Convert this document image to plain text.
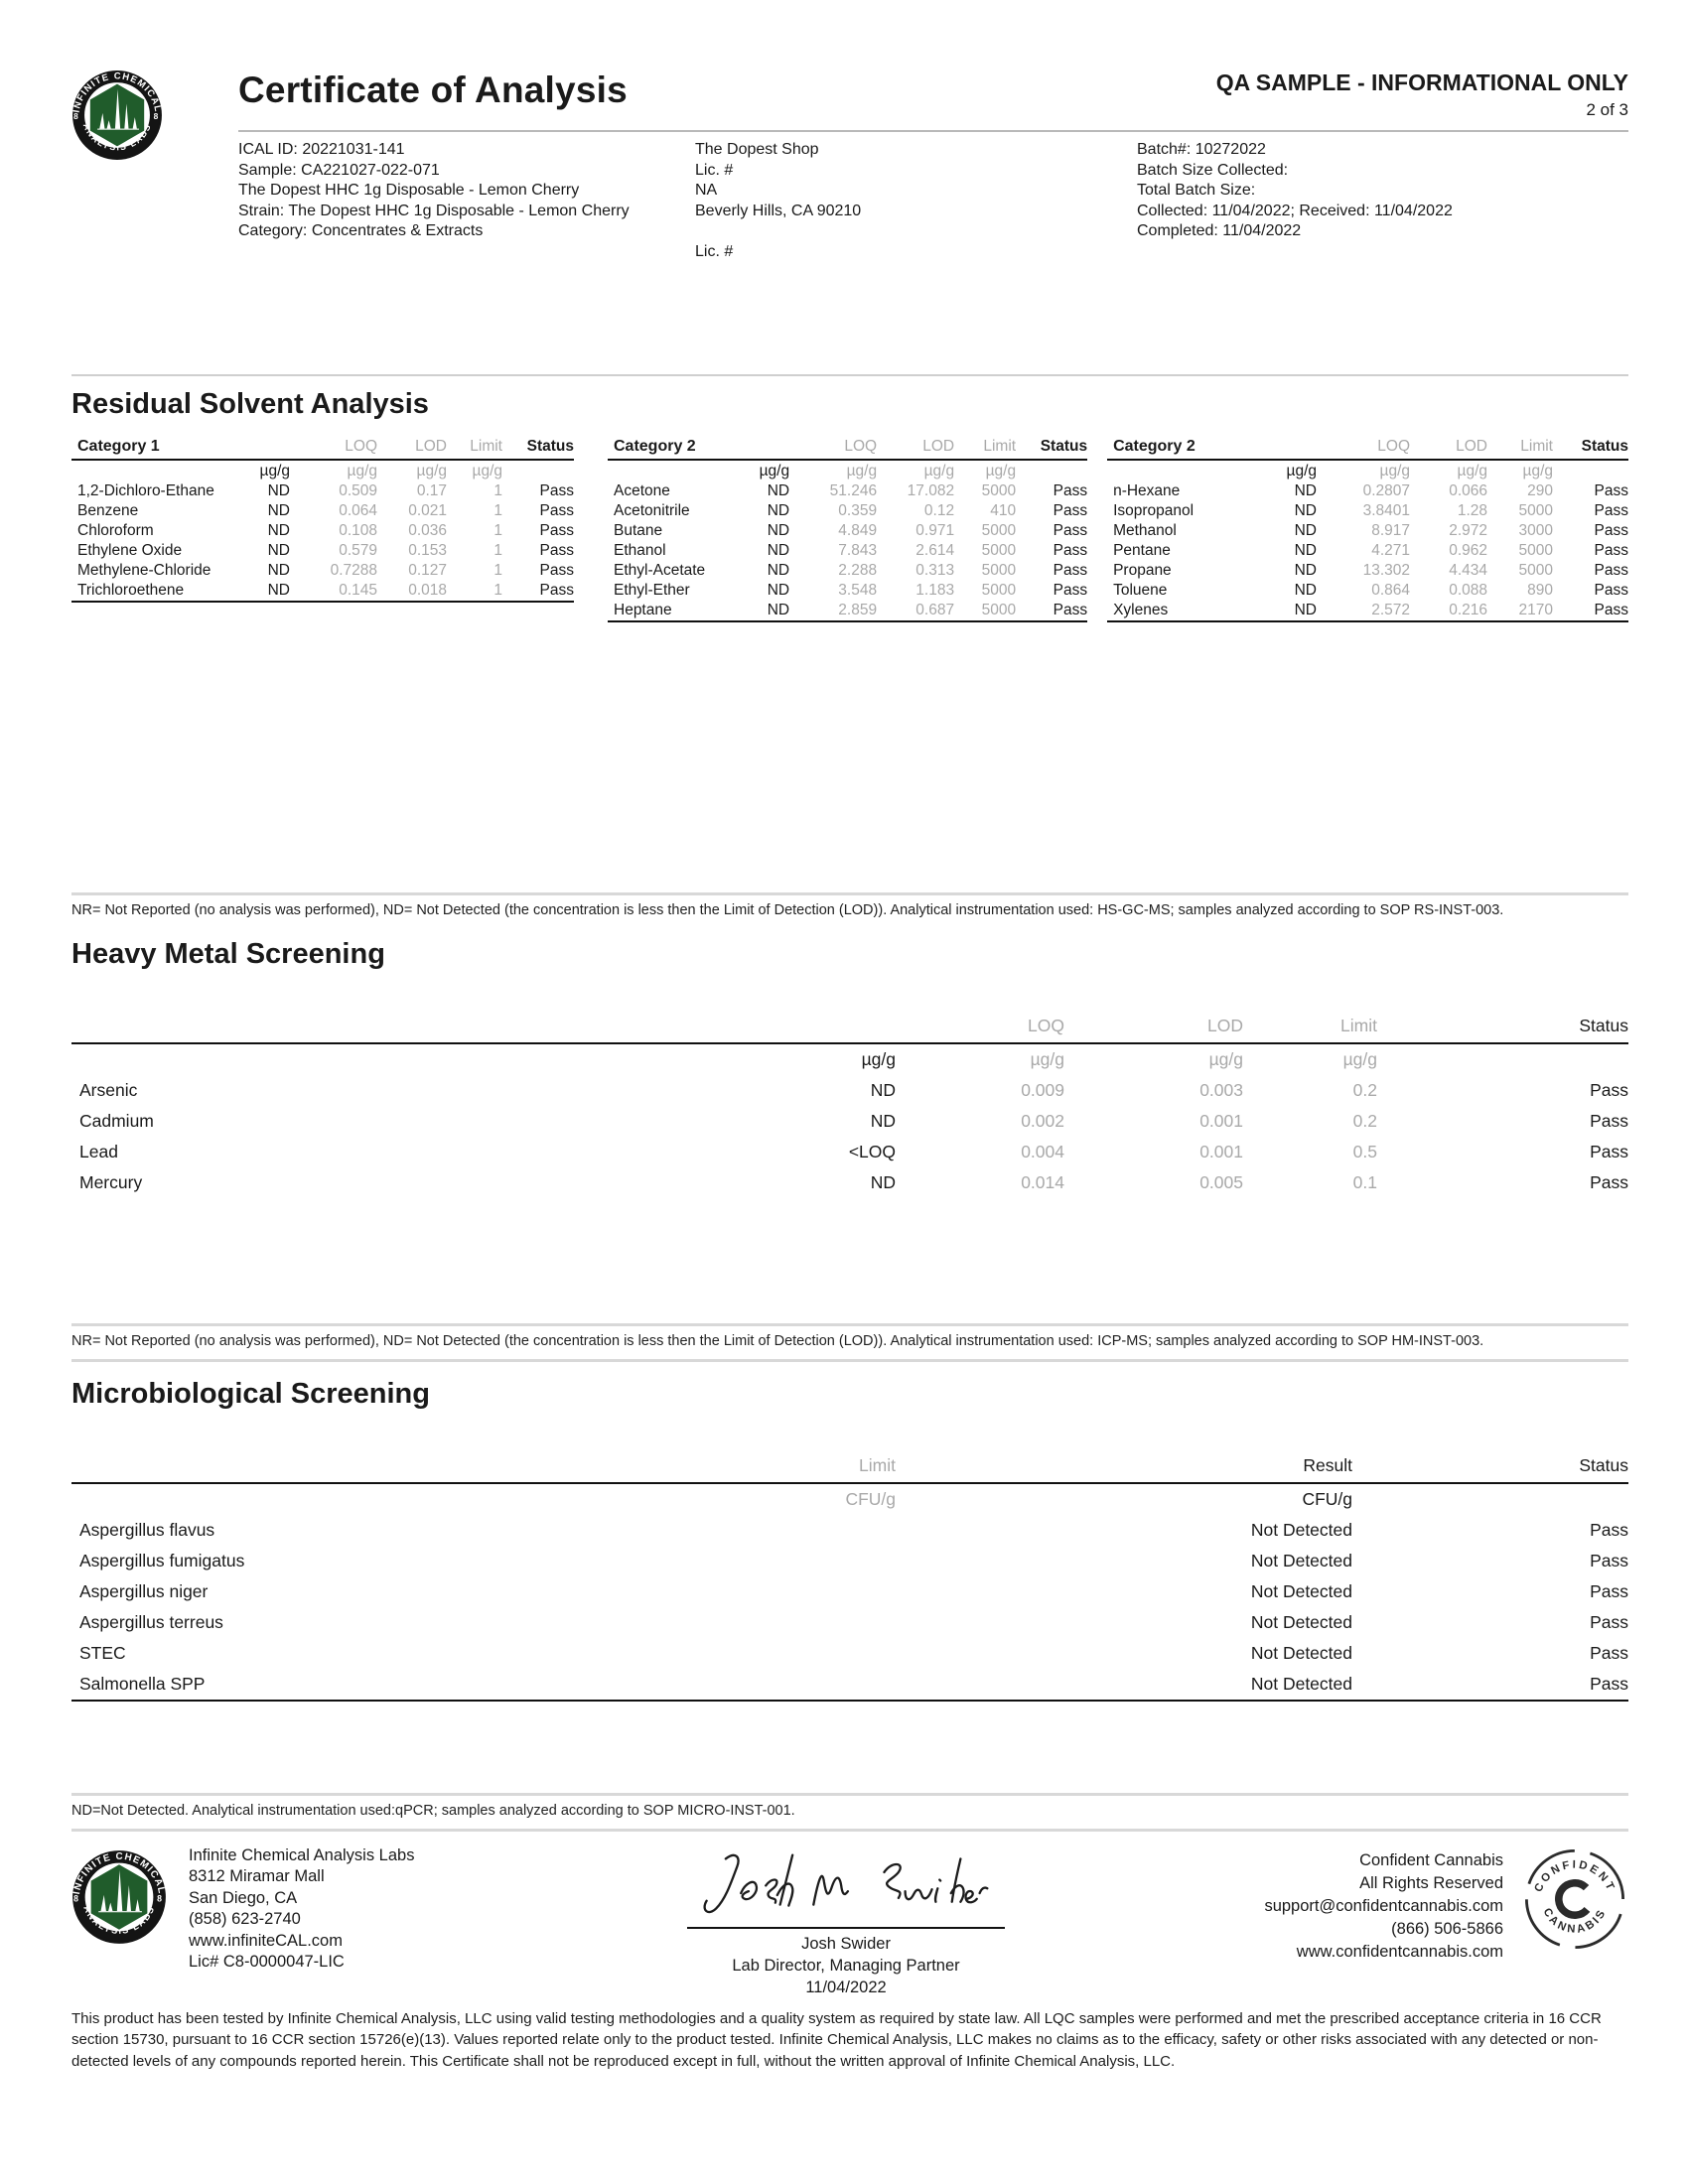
Certificate of Analysis	QA SAMPLE - INFORMATIONAL ONLY
2 of 3
ICAL ID: 20221031-141
Sample: CA221027-022-071
The Dopest HHC 1g Disposable - Lemon Cherry
Strain: The Dopest HHC 1g Disposable - Lemon Cherry
Category: Concentrates & Extracts
The Dopest Shop
Lic. #
NA
Beverly Hills, CA 90210
Lic. #
Batch#: 10272022
Batch Size Collected:
Total Batch Size:
Collected: 11/04/2022; Received: 11/04/2022
Completed: 11/04/2022
Residual Solvent Analysis
Category 1		LOQ	LOD	Limit	Status
	µg/g	µg/g	µg/g	µg/g	
1,2-Dichloro-Ethane	ND	0.509	0.17	1	Pass
Benzene	ND	0.064	0.021	1	Pass
Chloroform	ND	0.108	0.036	1	Pass
Ethylene Oxide	ND	0.579	0.153	1	Pass
Methylene-Chloride	ND	0.7288	0.127	1	Pass
Trichloroethene	ND	0.145	0.018	1	Pass
Category 2		LOQ	LOD	Limit	Status
	µg/g	µg/g	µg/g	µg/g	
Acetone	ND	51.246	17.082	5000	Pass
Acetonitrile	ND	0.359	0.12	410	Pass
Butane	ND	4.849	0.971	5000	Pass
Ethanol	ND	7.843	2.614	5000	Pass
Ethyl-Acetate	ND	2.288	0.313	5000	Pass
Ethyl-Ether	ND	3.548	1.183	5000	Pass
Heptane	ND	2.859	0.687	5000	Pass
Category 2		LOQ	LOD	Limit	Status
	µg/g	µg/g	µg/g	µg/g	
n-Hexane	ND	0.2807	0.066	290	Pass
Isopropanol	ND	3.8401	1.28	5000	Pass
Methanol	ND	8.917	2.972	3000	Pass
Pentane	ND	4.271	0.962	5000	Pass
Propane	ND	13.302	4.434	5000	Pass
Toluene	ND	0.864	0.088	890	Pass
Xylenes	ND	2.572	0.216	2170	Pass

NR= Not Reported (no analysis was performed), ND= Not Detected (the concentration is less then the Limit of Detection (LOD)). Analytical instrumentation used: HS-GC-MS; samples analyzed according to SOP RS-INST-003.

Heavy Metal Screening
		LOQ	LOD	Limit	Status
	µg/g	µg/g	µg/g	µg/g	
Arsenic	ND	0.009	0.003	0.2	Pass
Cadmium	ND	0.002	0.001	0.2	Pass
Lead	<LOQ	0.004	0.001	0.5	Pass
Mercury	ND	0.014	0.005	0.1	Pass

NR= Not Reported (no analysis was performed), ND= Not Detected (the concentration is less then the Limit of Detection (LOD)). Analytical instrumentation used: ICP-MS; samples analyzed according to SOP HM-INST-003.

Microbiological Screening
	Limit	Result	Status
	CFU/g	CFU/g	
Aspergillus flavus		Not Detected	Pass
Aspergillus fumigatus		Not Detected	Pass
Aspergillus niger		Not Detected	Pass
Aspergillus terreus		Not Detected	Pass
STEC		Not Detected	Pass
Salmonella SPP		Not Detected	Pass

ND=Not Detected. Analytical instrumentation used:qPCR; samples analyzed according to SOP MICRO-INST-001.

Infinite Chemical Analysis Labs
8312 Miramar Mall
San Diego, CA
(858) 623-2740
www.infiniteCAL.com
Lic# C8-0000047-LIC
Josh Swider
Lab Director, Managing Partner
11/04/2022
Confident Cannabis
All Rights Reserved
support@confidentcannabis.com
(866) 506-5866
www.confidentcannabis.com
CONFIDENT
CANNABIS

This product has been tested by Infinite Chemical Analysis, LLC using valid testing methodologies and a quality system as required by state law. All LQC samples were performed and met the prescribed acceptance criteria in 16 CCR section 15730, pursuant to 16 CCR section 15726(e)(13). Values reported relate only to the product tested. Infinite Chemical Analysis, LLC makes no claims as to the efficacy, safety or other risks associated with any detected or non-detected levels of any compounds reported herein. This Certificate shall not be reproduced except in full, without the written approval of Infinite Chemical Analysis, LLC.
